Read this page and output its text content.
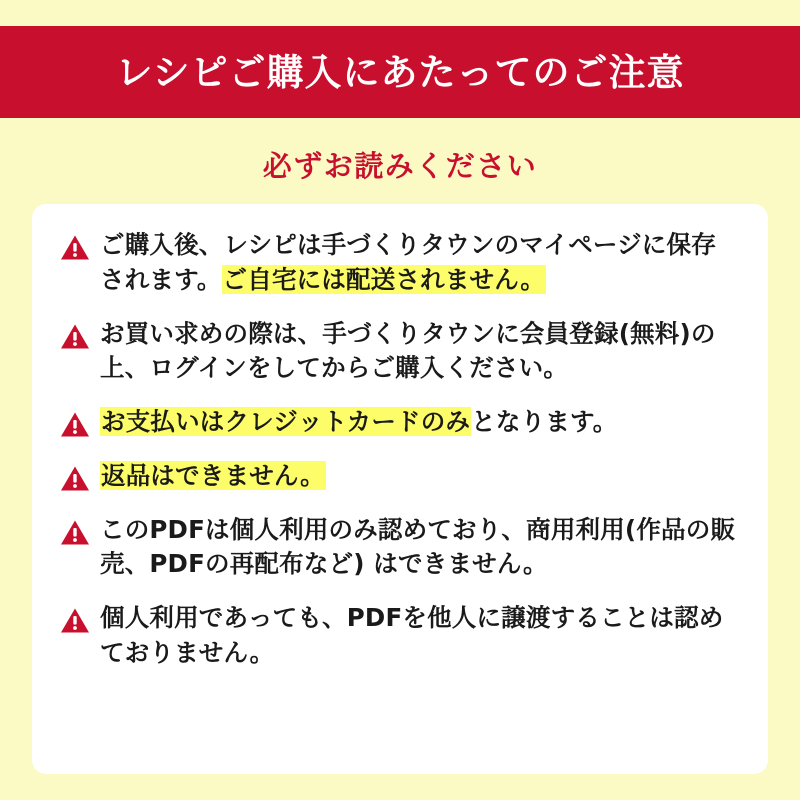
レシピご購入にあたってのご注意
必ずお読みください
ご購入後、レシピは手づくりタウンのマイページに保存されます。ご自宅には配送されません。
お買い求めの際は、手づくりタウンに会員登録(無料)の上、ログインをしてからご購入ください。
お支払いはクレジットカードのみとなります。
返品はできません。
このPDFは個人利用のみ認めており、商用利用(作品の販売、PDFの再配布など) はできません。
個人利用であっても、PDFを他人に譲渡することは認めておりません。
